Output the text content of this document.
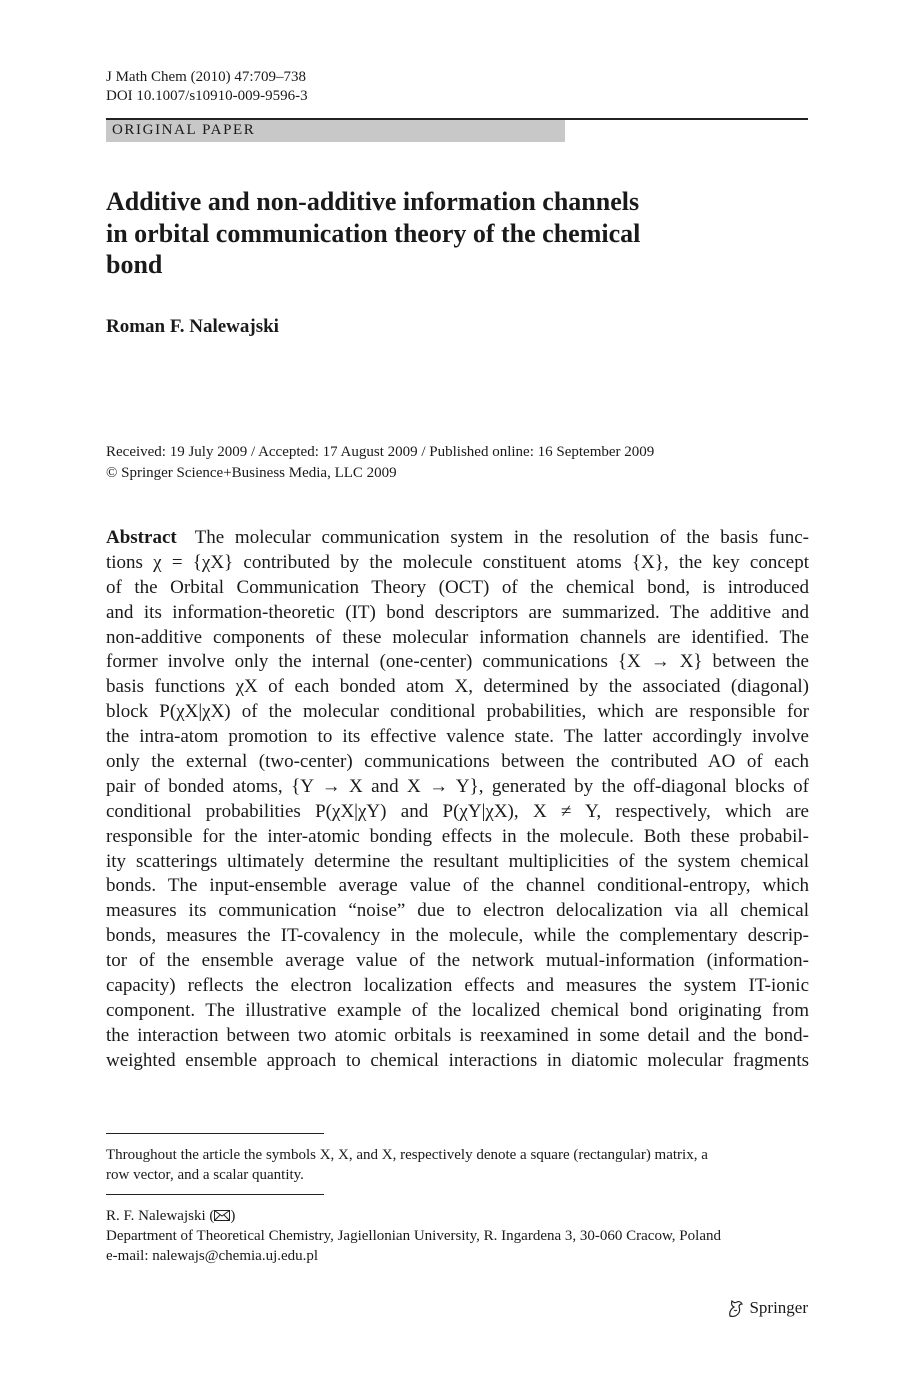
J Math Chem (2010) 47:709–738
DOI 10.1007/s10910-009-9596-3
ORIGINAL PAPER
Additive and non-additive information channels
in orbital communication theory of the chemical
bond
Roman F. Nalewajski
Received: 19 July 2009 / Accepted: 17 August 2009 / Published online: 16 September 2009
© Springer Science+Business Media, LLC 2009
Abstract The molecular communication system in the resolution of the basis func-
tions χ = {χX} contributed by the molecule constituent atoms {X}, the key concept
of the Orbital Communication Theory (OCT) of the chemical bond, is introduced
and its information-theoretic (IT) bond descriptors are summarized. The additive and
non-additive components of these molecular information channels are identified. The
former involve only the internal (one-center) communications {X → X} between the
basis functions χX of each bonded atom X, determined by the associated (diagonal)
block P(χX|χX) of the molecular conditional probabilities, which are responsible for
the intra-atom promotion to its effective valence state. The latter accordingly involve
only the external (two-center) communications between the contributed AO of each
pair of bonded atoms, {Y → X and X → Y}, generated by the off-diagonal blocks of
conditional probabilities P(χX|χY) and P(χY|χX), X ≠ Y, respectively, which are
responsible for the inter-atomic bonding effects in the molecule. Both these probabil-
ity scatterings ultimately determine the resultant multiplicities of the system chemical
bonds. The input-ensemble average value of the channel conditional-entropy, which
measures its communication “noise” due to electron delocalization via all chemical
bonds, measures the IT-covalency in the molecule, while the complementary descrip-
tor of the ensemble average value of the network mutual-information (information-
capacity) reflects the electron localization effects and measures the system IT-ionic
component. The illustrative example of the localized chemical bond originating from
the interaction between two atomic orbitals is reexamined in some detail and the bond-
weighted ensemble approach to chemical interactions in diatomic molecular fragments
Throughout the article the symbols X, X, and X, respectively denote a square (rectangular) matrix, a
row vector, and a scalar quantity.
R. F. Nalewajski ( )
Department of Theoretical Chemistry, Jagiellonian University, R. Ingardena 3, 30-060 Cracow, Poland
e-mail: nalewajs@chemia.uj.edu.pl
Springer
